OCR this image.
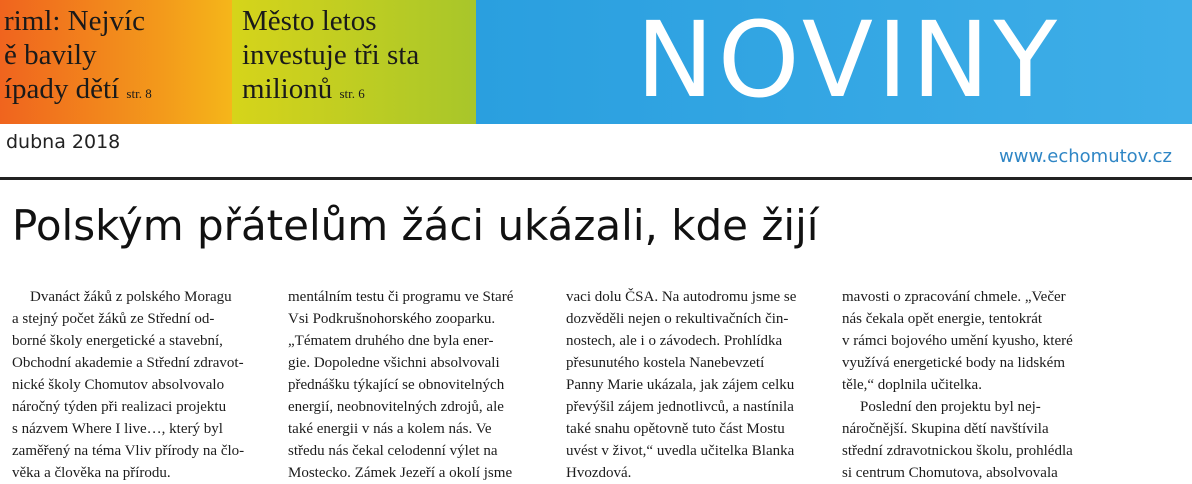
riml: Nejvíc
ě bavily
ípady dětí str. 8
Město letos
investuje tři sta
milionů str. 6	NOVINY
dubna 2018
www.echomutov.cz
Polským přátelům žáci ukázali, kde žijí
Dvanáct žáků z polského Moragu
a stejný počet žáků ze Střední od-
borné školy energetické a stavební,
Obchodní akademie a Střední zdravot-
nické školy Chomutov absolvovalo
náročný týden při realizaci projektu
s názvem Where I live…, který byl
zaměřený na téma Vliv přírody na člo-
věka a člověka na přírodu.
mentálním testu či programu ve Staré
Vsi Podkrušnohorského zooparku.
„Tématem druhého dne byla ener-
gie. Dopoledne všichni absolvovali
přednášku týkající se obnovitelných
energií, neobnovitelných zdrojů, ale
také energii v nás a kolem nás. Ve
středu nás čekal celodenní výlet na
Mostecko. Zámek Jezeří a okolí jsme
vaci dolu ČSA. Na autodromu jsme se
dozvěděli nejen o rekultivačních čin-
nostech, ale i o závodech. Prohlídka
přesunutého kostela Nanebevzetí
Panny Marie ukázala, jak zájem celku
převýšil zájem jednotlivců, a nastínila
také snahu opětovně tuto část Mostu
uvést v život,“ uvedla učitelka Blanka
Hvozdová.
mavosti o zpracování chmele. „Večer
nás čekala opět energie, tentokrát
v rámci bojového umění kyusho, které
využívá energetické body na lidském
těle,“ doplnila učitelka.
Poslední den projektu byl nej-
náročnější. Skupina dětí navštívila
střední zdravotnickou školu, prohlédla
si centrum Chomutova, absolvovala
